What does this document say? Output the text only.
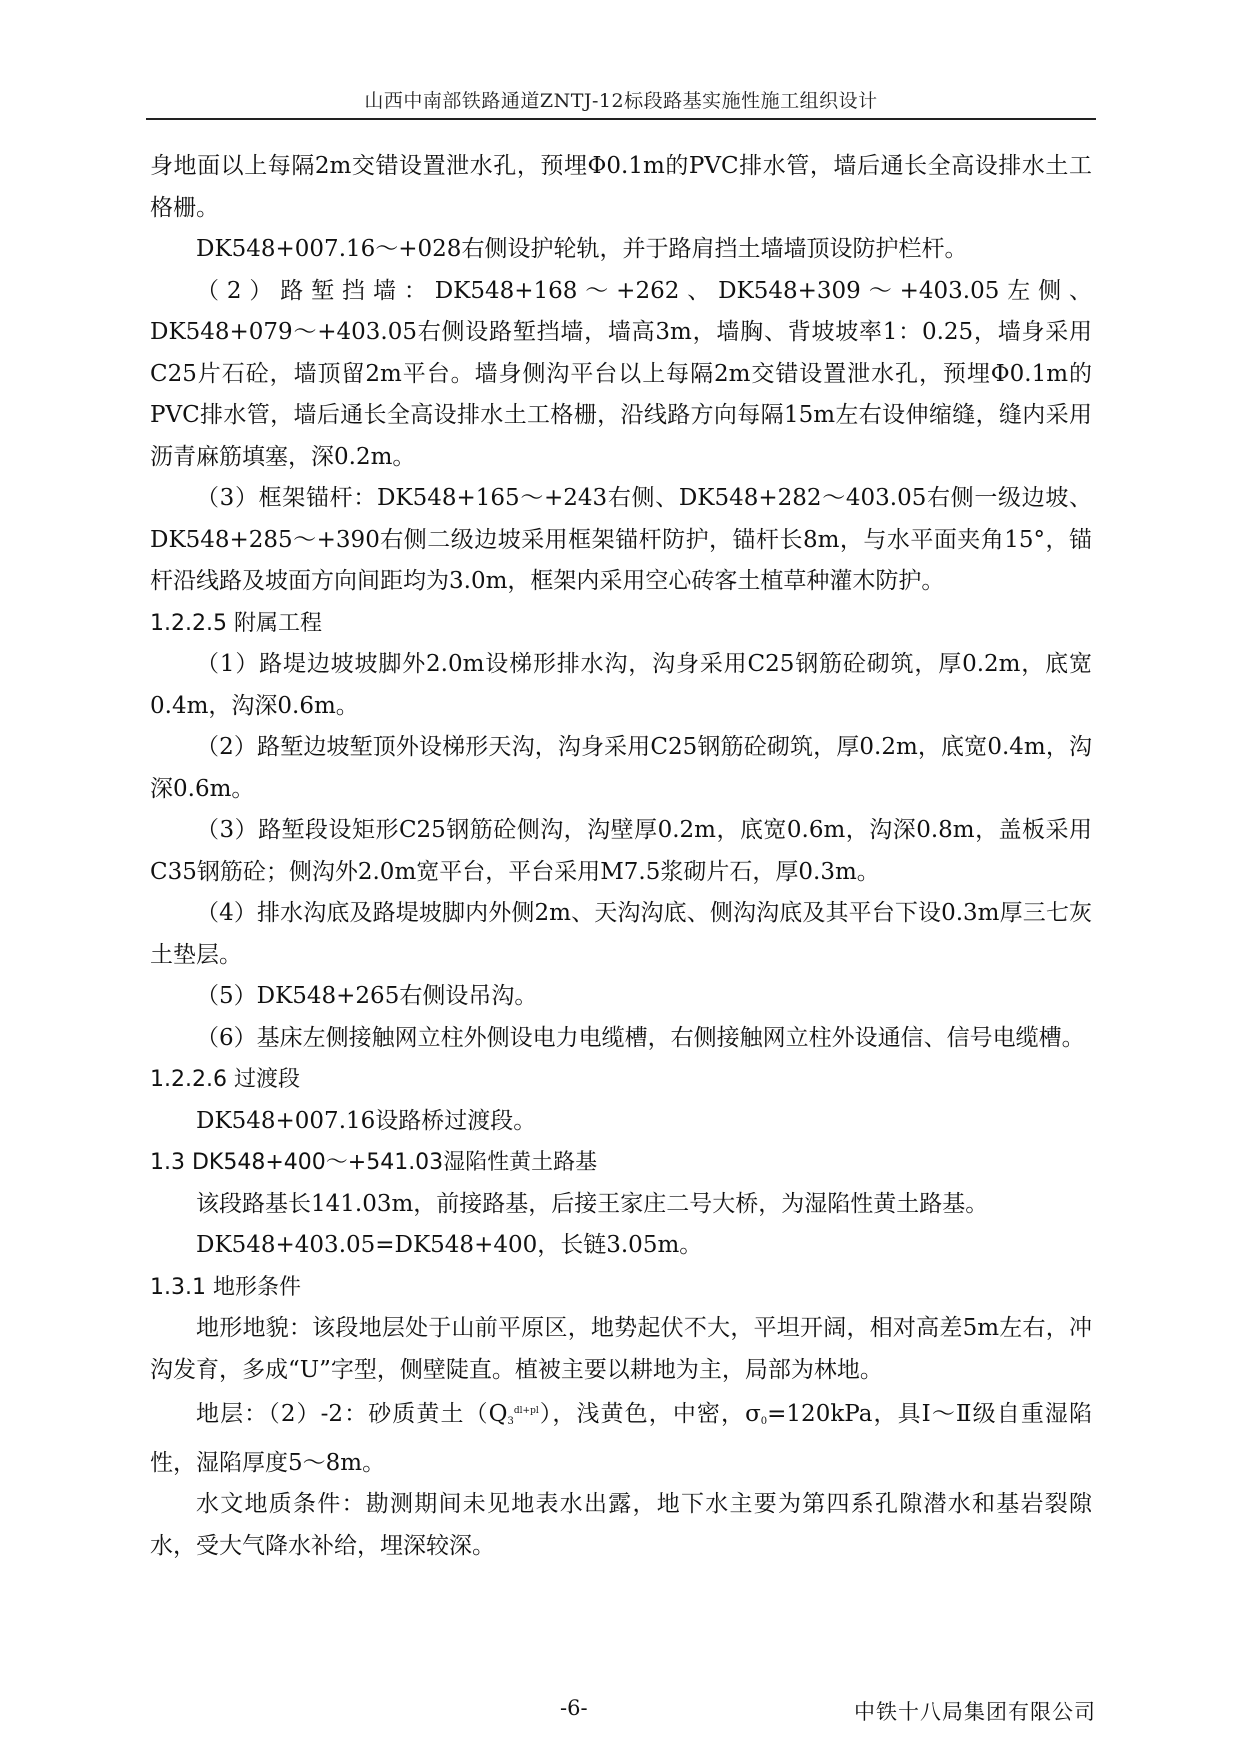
山西中南部铁路通道ZNTJ-12标段路基实施性施工组织设计

身地面以上每隔2m交错设置泄水孔，预埋Φ0.1m的PVC排水管，墙后通长全高设排水土工格栅。

DK548+007.16～+028右侧设护轮轨，并于路肩挡土墙墙顶设防护栏杆。

（2）路堑挡墙：DK548+168～+262、DK548+309～+403.05左侧、DK548+079～+403.05右侧设路堑挡墙，墙高3m，墙胸、背坡坡率1：0.25，墙身采用C25片石砼，墙顶留2m平台。墙身侧沟平台以上每隔2m交错设置泄水孔，预埋Φ0.1m的PVC排水管，墙后通长全高设排水土工格栅，沿线路方向每隔15m左右设伸缩缝，缝内采用沥青麻筋填塞，深0.2m。

（3）框架锚杆：DK548+165～+243右侧、DK548+282～403.05右侧一级边坡、DK548+285～+390右侧二级边坡采用框架锚杆防护，锚杆长8m，与水平面夹角15°，锚杆沿线路及坡面方向间距均为3.0m，框架内采用空心砖客土植草种灌木防护。

1.2.2.5 附属工程

（1）路堤边坡坡脚外2.0m设梯形排水沟，沟身采用C25钢筋砼砌筑，厚0.2m，底宽0.4m，沟深0.6m。

（2）路堑边坡堑顶外设梯形天沟，沟身采用C25钢筋砼砌筑，厚0.2m，底宽0.4m，沟深0.6m。

（3）路堑段设矩形C25钢筋砼侧沟，沟壁厚0.2m，底宽0.6m，沟深0.8m，盖板采用C35钢筋砼；侧沟外2.0m宽平台，平台采用M7.5浆砌片石，厚0.3m。

（4）排水沟底及路堤坡脚内外侧2m、天沟沟底、侧沟沟底及其平台下设0.3m厚三七灰土垫层。

（5）DK548+265右侧设吊沟。

（6）基床左侧接触网立柱外侧设电力电缆槽，右侧接触网立柱外设通信、信号电缆槽。

1.2.2.6 过渡段

DK548+007.16设路桥过渡段。

1.3 DK548+400～+541.03湿陷性黄土路基

该段路基长141.03m，前接路基，后接王家庄二号大桥，为湿陷性黄土路基。

DK548+403.05=DK548+400，长链3.05m。

1.3.1 地形条件

地形地貌：该段地层处于山前平原区，地势起伏不大，平坦开阔，相对高差5m左右，冲沟发育，多成“U”字型，侧壁陡直。植被主要以耕地为主，局部为林地。

地层：（2）-2：砂质黄土$(Q_3^{dl+pl})$，浅黄色，中密，$\sigma_0=120kPa$，具Ⅰ～Ⅱ级自重湿陷性，湿陷厚度5～8m。

水文地质条件：勘测期间未见地表水出露，地下水主要为第四系孔隙潜水和基岩裂隙水，受大气降水补给，埋深较深。

-6-	中铁十八局集团有限公司
